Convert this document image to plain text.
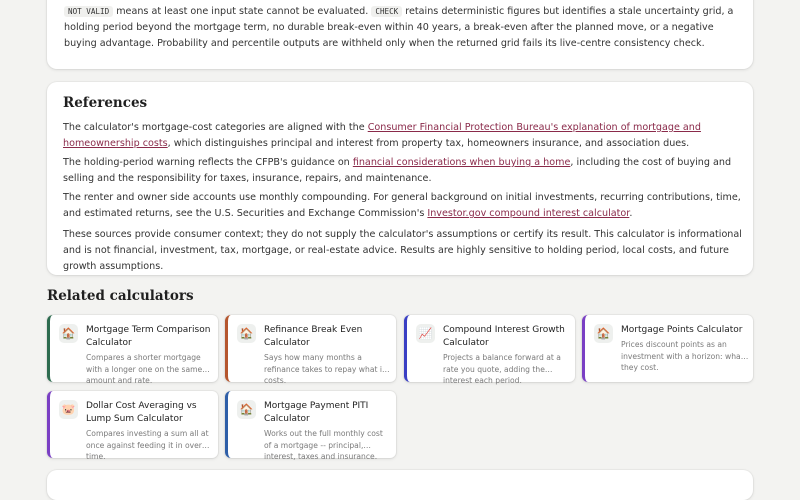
NOT VALID means at least one input state cannot be evaluated. CHECK retains deterministic figures but identifies a stale uncertainty grid, a holding period beyond the mortgage term, no durable break-even within 40 years, a break-even after the planned move, or a negative buying advantage. Probability and percentile outputs are withheld only when the returned grid fails its live-centre consistency check.

References

The calculator's mortgage-cost categories are aligned with the Consumer Financial Protection Bureau's explanation of mortgage and homeownership costs, which distinguishes principal and interest from property tax, homeowners insurance, and association dues.

The holding-period warning reflects the CFPB's guidance on financial considerations when buying a home, including the cost of buying and selling and the responsibility for taxes, insurance, repairs, and maintenance.

The renter and owner side accounts use monthly compounding. For general background on initial investments, recurring contributions, time, and estimated returns, see the U.S. Securities and Exchange Commission's Investor.gov compound interest calculator.

These sources provide consumer context; they do not supply the calculator's assumptions or certify its result. This calculator is informational and is not financial, investment, tax, mortgage, or real-estate advice. Results are highly sensitive to holding period, local costs, and future growth assumptions.

Related calculators
🏠 Mortgage Term Comparison Calculator
Compares a shorter mortgage with a longer one on the same amount and rate.
🏠 Refinance Break Even Calculator
Says how many months a refinance takes to repay what it costs.
📈 Compound Interest Growth Calculator
Projects a balance forward at a rate you quote, adding the interest each period.
🏠 Mortgage Points Calculator
Prices discount points as an investment with a horizon: what they cost.
🐷 Dollar Cost Averaging vs Lump Sum Calculator
Compares investing a sum all at once against feeding it in over time.
🏠 Mortgage Payment PITI Calculator
Works out the full monthly cost of a mortgage -- principal, interest, taxes and insurance.
